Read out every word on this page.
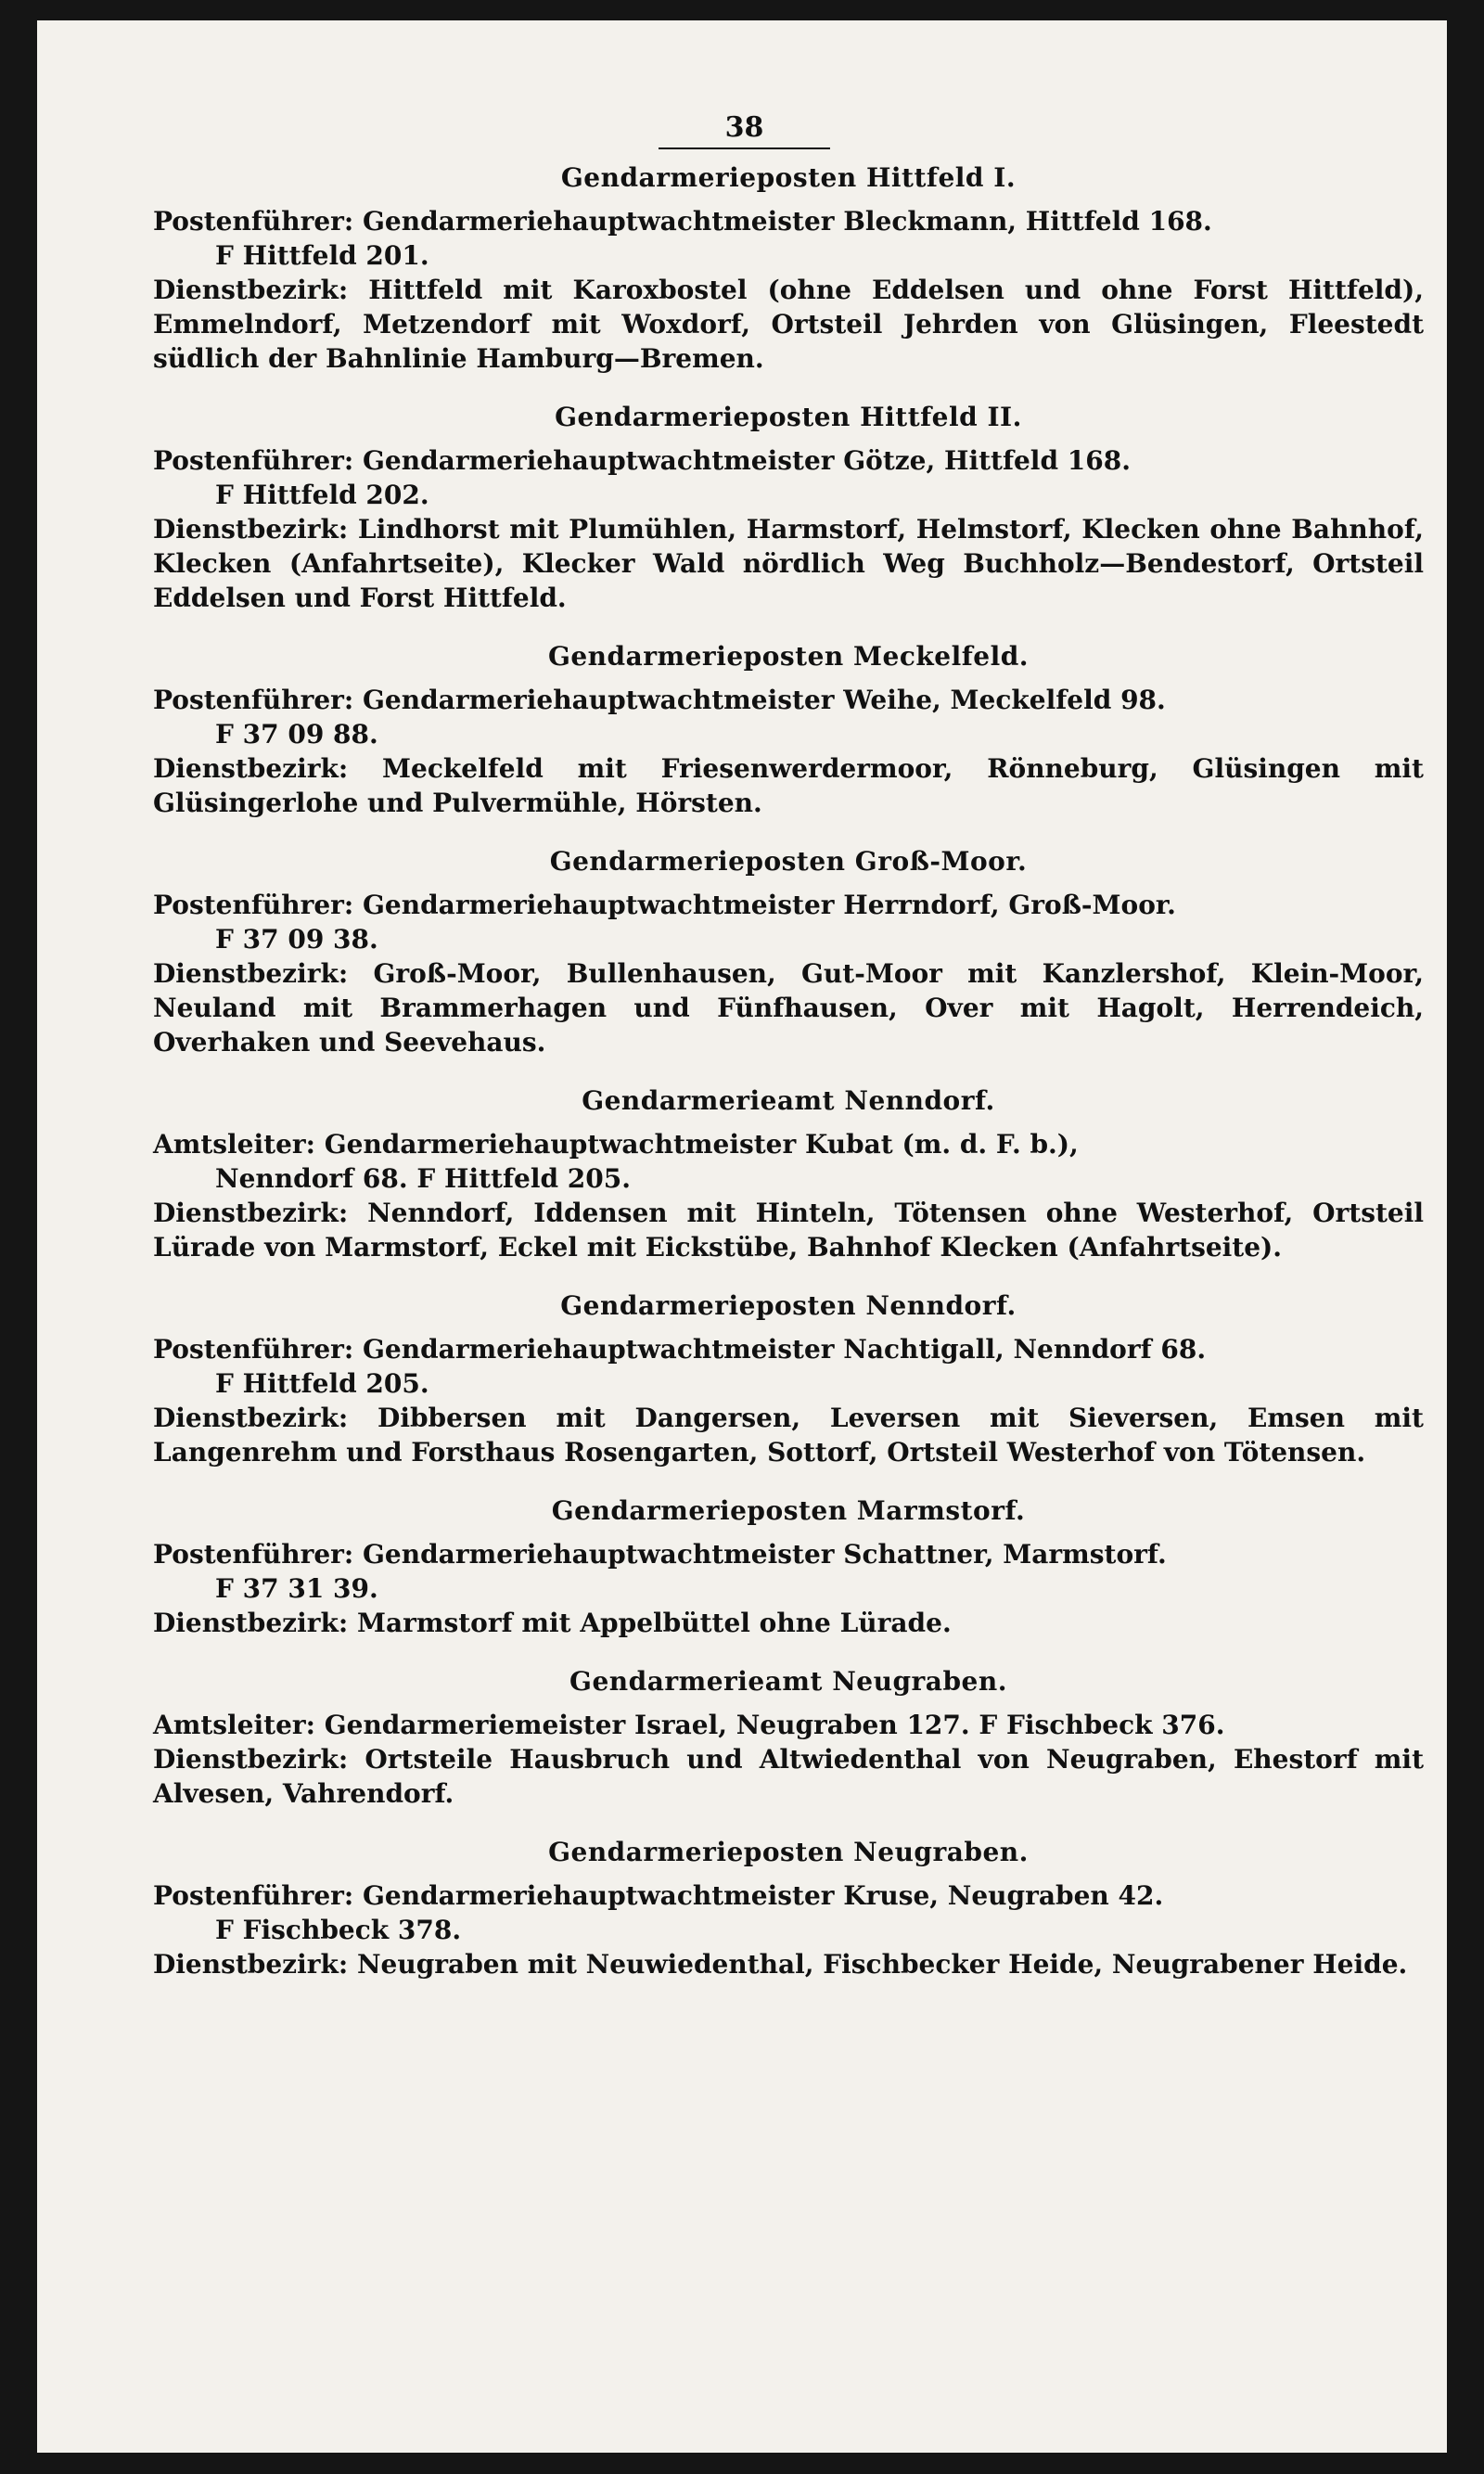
38
Gendarmerieposten Hittfeld I.
Postenführer: Gendarmeriehauptwachtmeister Bleckmann, Hittfeld 168.
F Hittfeld 201.
Dienstbezirk: Hittfeld mit Karoxbostel (ohne Eddelsen und ohne Forst Hittfeld), Emmelndorf, Metzendorf mit Woxdorf, Ortsteil Jehrden von Glüsingen, Fleestedt südlich der Bahnlinie Hamburg—Bremen.
Gendarmerieposten Hittfeld II.
Postenführer: Gendarmeriehauptwachtmeister Götze, Hittfeld 168.
F Hittfeld 202.
Dienstbezirk: Lindhorst mit Plumühlen, Harmstorf, Helmstorf, Klecken ohne Bahnhof, Klecken (Anfahrtseite), Klecker Wald nördlich Weg Buchholz—Bendestorf, Ortsteil Eddelsen und Forst Hittfeld.
Gendarmerieposten Meckelfeld.
Postenführer: Gendarmeriehauptwachtmeister Weihe, Meckelfeld 98.
F 37 09 88.
Dienstbezirk: Meckelfeld mit Friesenwerdermoor, Rönneburg, Glüsingen mit Glüsingerlohe und Pulvermühle, Hörsten.
Gendarmerieposten Groß-Moor.
Postenführer: Gendarmeriehauptwachtmeister Herrndorf, Groß-Moor.
F 37 09 38.
Dienstbezirk: Groß-Moor, Bullenhausen, Gut-Moor mit Kanzlershof, Klein-Moor, Neuland mit Brammerhagen und Fünfhausen, Over mit Hagolt, Herrendeich, Overhaken und Seevehaus.
Gendarmerieamt Nenndorf.
Amtsleiter: Gendarmeriehauptwachtmeister Kubat (m. d. F. b.),
Nenndorf 68. F Hittfeld 205.
Dienstbezirk: Nenndorf, Iddensen mit Hinteln, Tötensen ohne Westerhof, Ortsteil Lürade von Marmstorf, Eckel mit Eickstübe, Bahnhof Klecken (Anfahrtseite).
Gendarmerieposten Nenndorf.
Postenführer: Gendarmeriehauptwachtmeister Nachtigall, Nenndorf 68.
F Hittfeld 205.
Dienstbezirk: Dibbersen mit Dangersen, Leversen mit Sieversen, Emsen mit Langenrehm und Forsthaus Rosengarten, Sottorf, Ortsteil Westerhof von Tötensen.
Gendarmerieposten Marmstorf.
Postenführer: Gendarmeriehauptwachtmeister Schattner, Marmstorf.
F 37 31 39.
Dienstbezirk: Marmstorf mit Appelbüttel ohne Lürade.
Gendarmerieamt Neugraben.
Amtsleiter: Gendarmeriemeister Israel, Neugraben 127. F Fischbeck 376.
Dienstbezirk: Ortsteile Hausbruch und Altwiedenthal von Neugraben, Ehestorf mit Alvesen, Vahrendorf.
Gendarmerieposten Neugraben.
Postenführer: Gendarmeriehauptwachtmeister Kruse, Neugraben 42.
F Fischbeck 378.
Dienstbezirk: Neugraben mit Neuwiedenthal, Fischbecker Heide, Neugrabener Heide.
